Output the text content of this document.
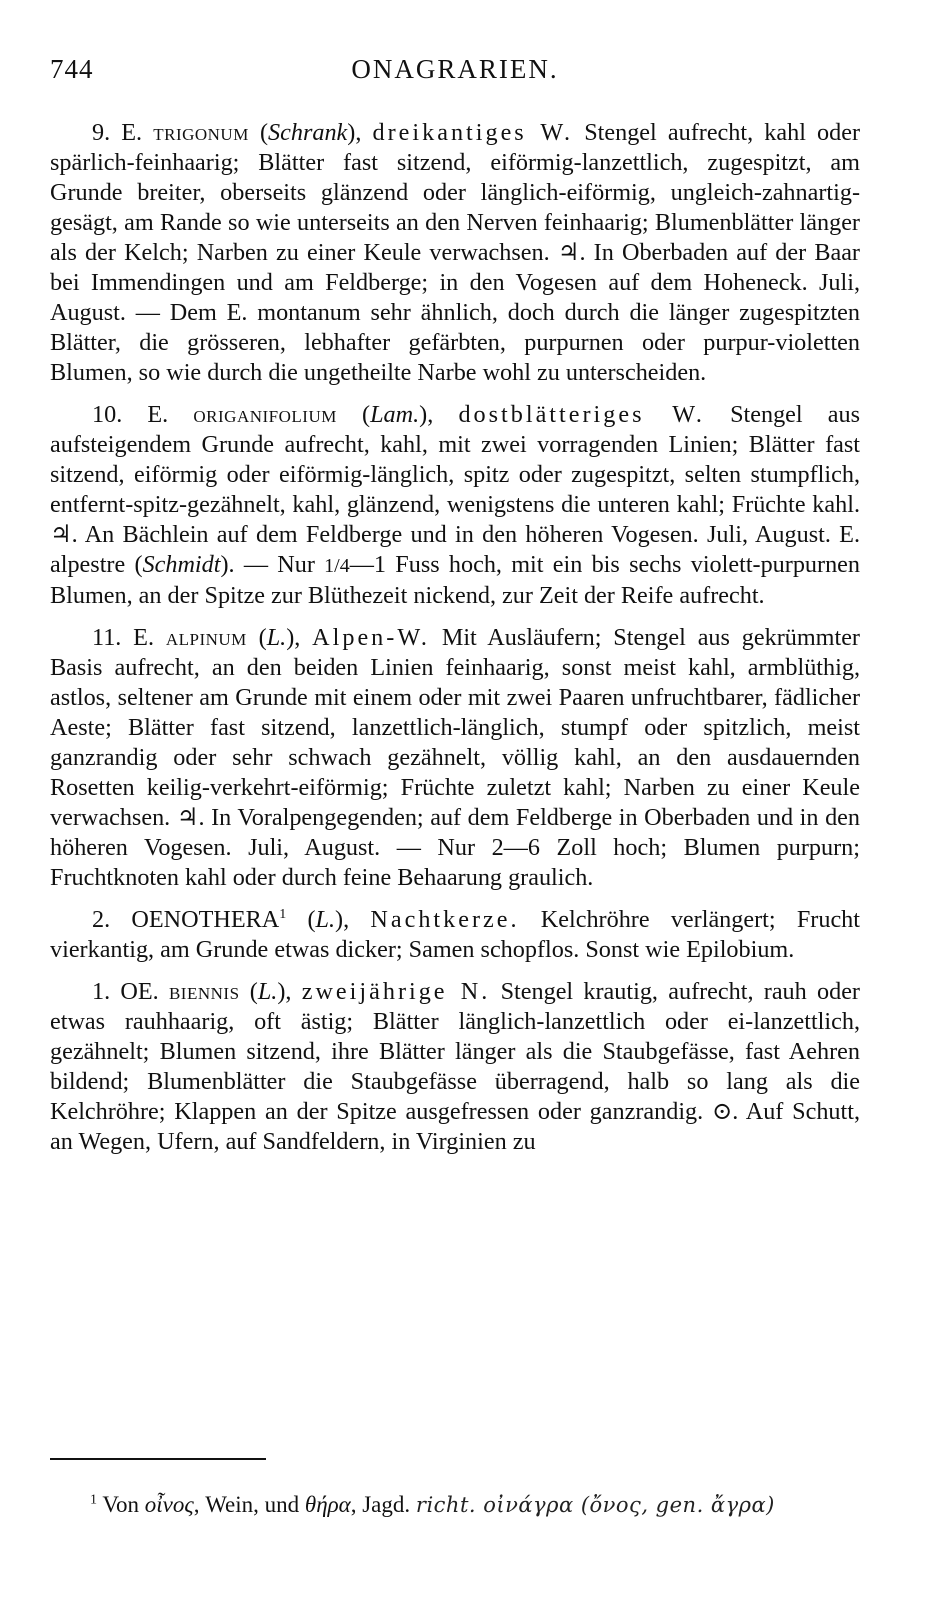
744	ONAGRARIEN.

9. E. trigonum (Schrank), dreikantiges W. Stengel aufrecht, kahl oder spärlich-feinhaarig; Blätter fast sitzend, eiförmig-lanzettlich, zugespitzt, am Grunde breiter, oberseits glänzend oder länglich-eiförmig, ungleich-zahnartig-gesägt, am Rande so wie unterseits an den Nerven feinhaarig; Blumenblätter länger als der Kelch; Narben zu einer Keule verwachsen. ♃. In Oberbaden auf der Baar bei Immendingen und am Feldberge; in den Vogesen auf dem Hoheneck. Juli, August. — Dem E. montanum sehr ähnlich, doch durch die länger zugespitzten Blätter, die grösseren, lebhafter gefärbten, purpurnen oder purpur-violetten Blumen, so wie durch die ungetheilte Narbe wohl zu unterscheiden.

10. E. origanifolium (Lam.), dostblätteriges W. Stengel aus aufsteigendem Grunde aufrecht, kahl, mit zwei vorragenden Linien; Blätter fast sitzend, eiförmig oder eiförmig-länglich, spitz oder zugespitzt, selten stumpflich, entfernt-spitz-gezähnelt, kahl, glänzend, wenigstens die unteren kahl; Früchte kahl. ♃. An Bächlein auf dem Feldberge und in den höheren Vogesen. Juli, August. E. alpestre (Schmidt). — Nur 1/4—1 Fuss hoch, mit ein bis sechs violett-purpurnen Blumen, an der Spitze zur Blüthezeit nickend, zur Zeit der Reife aufrecht.

11. E. alpinum (L.), Alpen-W. Mit Ausläufern; Stengel aus gekrümmter Basis aufrecht, an den beiden Linien feinhaarig, sonst meist kahl, armblüthig, astlos, seltener am Grunde mit einem oder mit zwei Paaren unfruchtbarer, fädlicher Aeste; Blätter fast sitzend, lanzettlich-länglich, stumpf oder spitzlich, meist ganzrandig oder sehr schwach gezähnelt, völlig kahl, an den ausdauernden Rosetten keilig-verkehrt-eiförmig; Früchte zuletzt kahl; Narben zu einer Keule verwachsen. ♃. In Voralpengegenden; auf dem Feldberge in Oberbaden und in den höheren Vogesen. Juli, August. — Nur 2—6 Zoll hoch; Blumen purpurn; Fruchtknoten kahl oder durch feine Behaarung graulich.

2. OENOTHERA$^1$ (L.), Nachtkerze. Kelchröhre verlängert; Frucht vierkantig, am Grunde etwas dicker; Samen schopflos. Sonst wie Epilobium.

1. OE. biennis (L.), zweijährige N. Stengel krautig, aufrecht, rauh oder etwas rauhhaarig, oft ästig; Blätter länglich-lanzettlich oder ei-lanzettlich, gezähnelt; Blumen sitzend, ihre Blätter länger als die Staubgefässe, fast Aehren bildend; Blumenblätter die Staubgefässe überragend, halb so lang als die Kelchröhre; Klappen an der Spitze ausgefressen oder ganzrandig. ⊙. Auf Schutt, an Wegen, Ufern, auf Sandfeldern, in Virginien zu

$^1$ Von οἶνος, Wein, und θήρα, Jagd. richt. οἰνάγρα (ὄνος, gen. ἄγρα)
